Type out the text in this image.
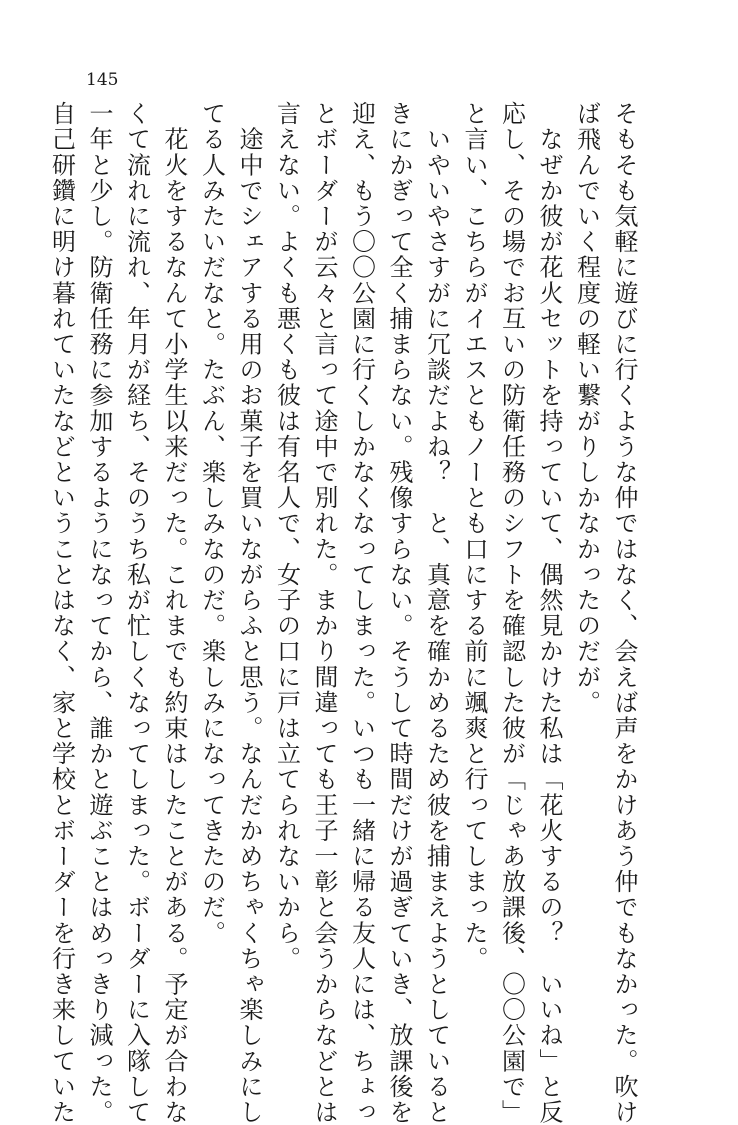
145

そもそも気軽に遊びに行くような仲ではなく、会えば声をかけあう仲でもなかった。吹け

ば飛んでいく程度の軽い繋がりしかなかったのだが。

　なぜか彼が花火セットを持っていて、偶然見かけた私は「花火するの？　いいね」と反

応し、その場でお互いの防衛任務のシフトを確認した彼が「じゃあ放課後、〇〇公園で」

と言い、こちらがイエスともノーとも口にする前に颯爽と行ってしまった。

　いやいやさすがに冗談だよね？　と、真意を確かめるため彼を捕まえようとしていると

きにかぎって全く捕まらない。残像すらない。そうして時間だけが過ぎていき、放課後を

迎え、もう〇〇公園に行くしかなくなってしまった。いつも一緒に帰る友人には、ちょっ

とボーダーが云々と言って途中で別れた。まかり間違っても王子一彰と会うからなどとは

言えない。よくも悪くも彼は有名人で、女子の口に戸は立てられないから。

　途中でシェアする用のお菓子を買いながらふと思う。なんだかめちゃくちゃ楽しみにし

てる人みたいだなと。たぶん、楽しみなのだ。楽しみになってきたのだ。

　花火をするなんて小学生以来だった。これまでも約束はしたことがある。予定が合わな

くて流れに流れ、年月が経ち、そのうち私が忙しくなってしまった。ボーダーに入隊して

一年と少し。防衛任務に参加するようになってから、誰かと遊ぶことはめっきり減った。

自己研鑽に明け暮れていたなどということはなく、家と学校とボーダーを行き来していた
